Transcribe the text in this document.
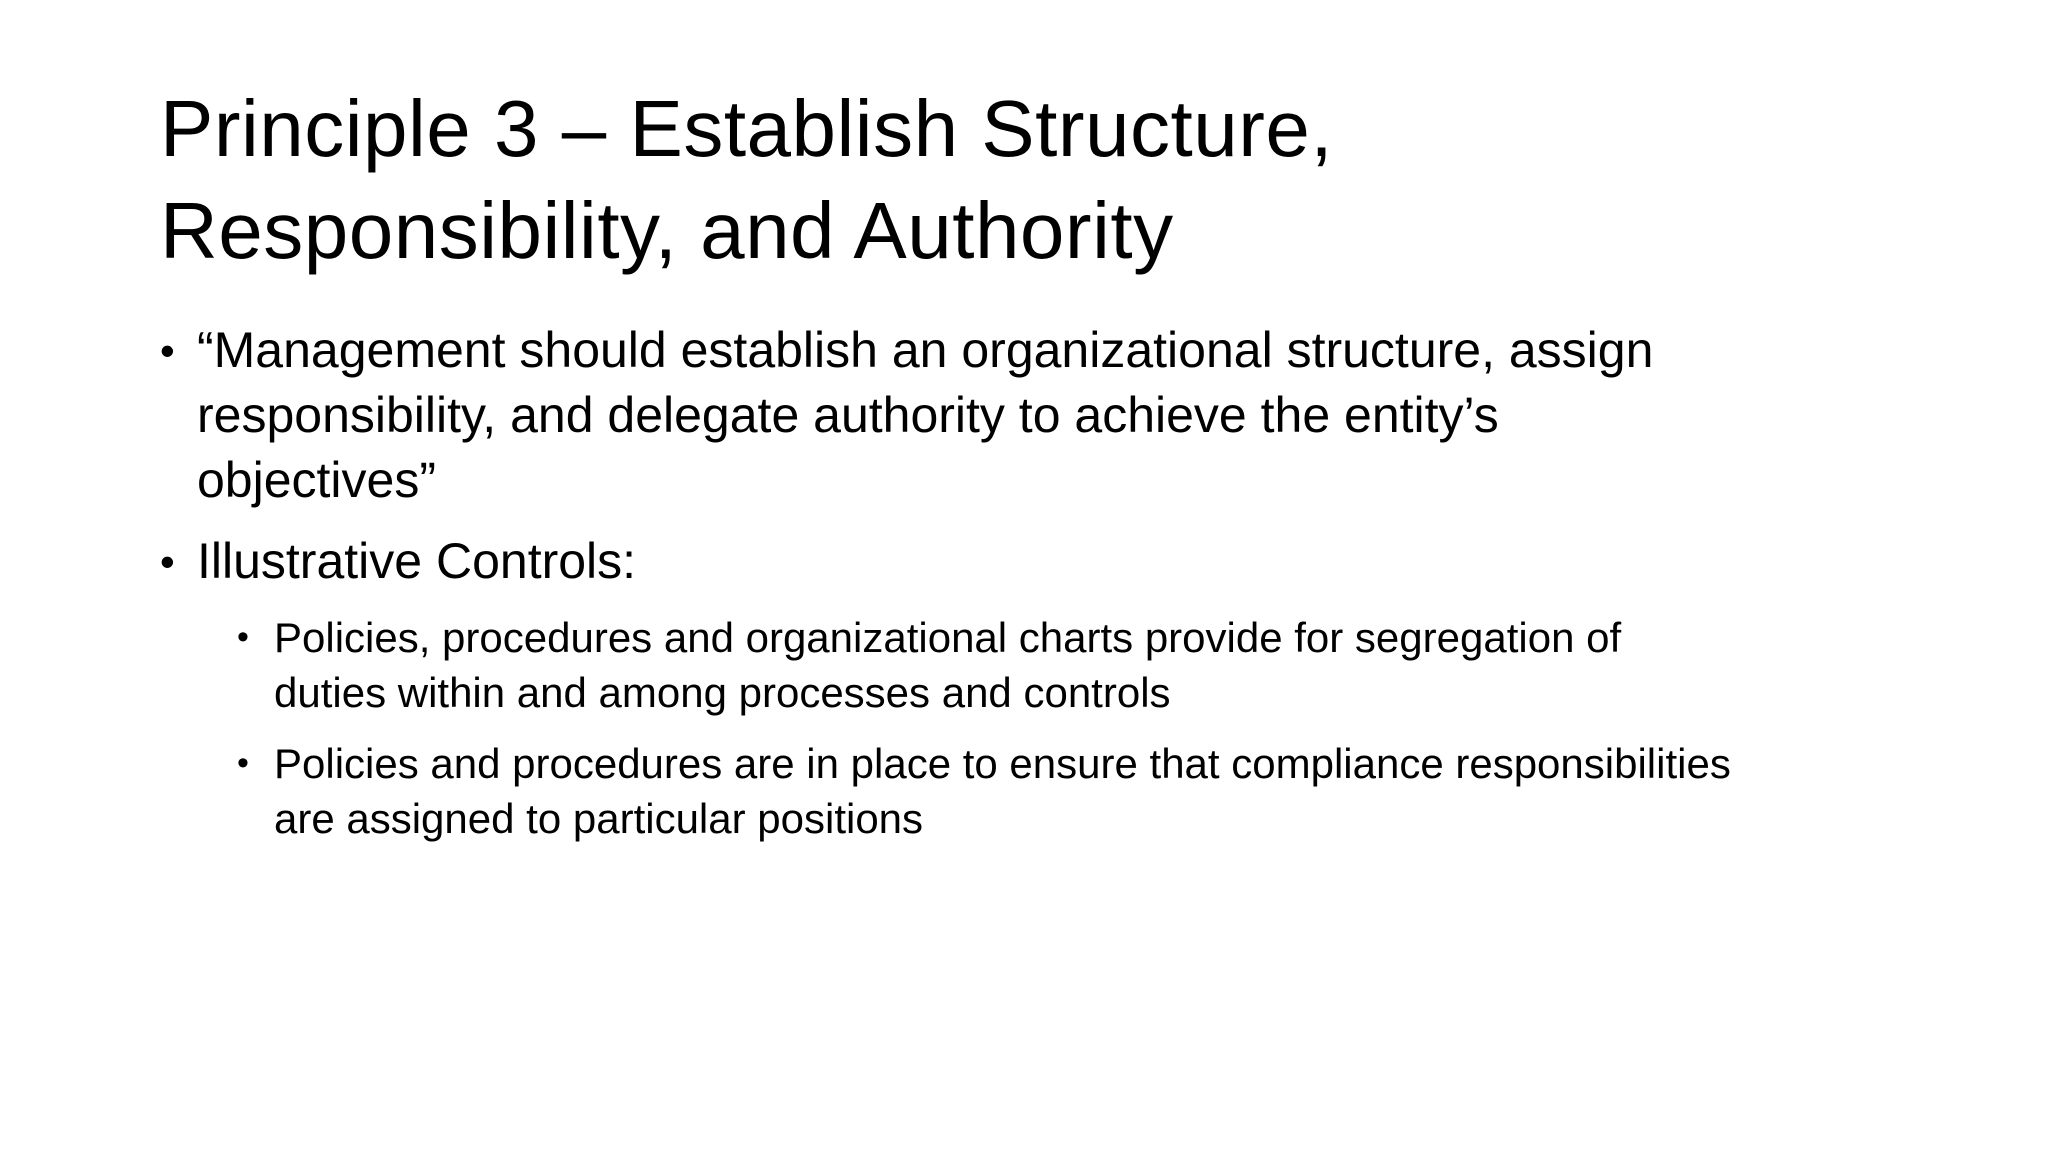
Principle 3 – Establish Structure,
Responsibility, and Authority
• “Management should establish an organizational structure, assign
responsibility, and delegate authority to achieve the entity’s
objectives”
• Illustrative Controls:
• Policies, procedures and organizational charts provide for segregation of
duties within and among processes and controls
• Policies and procedures are in place to ensure that compliance responsibilities
are assigned to particular positions
